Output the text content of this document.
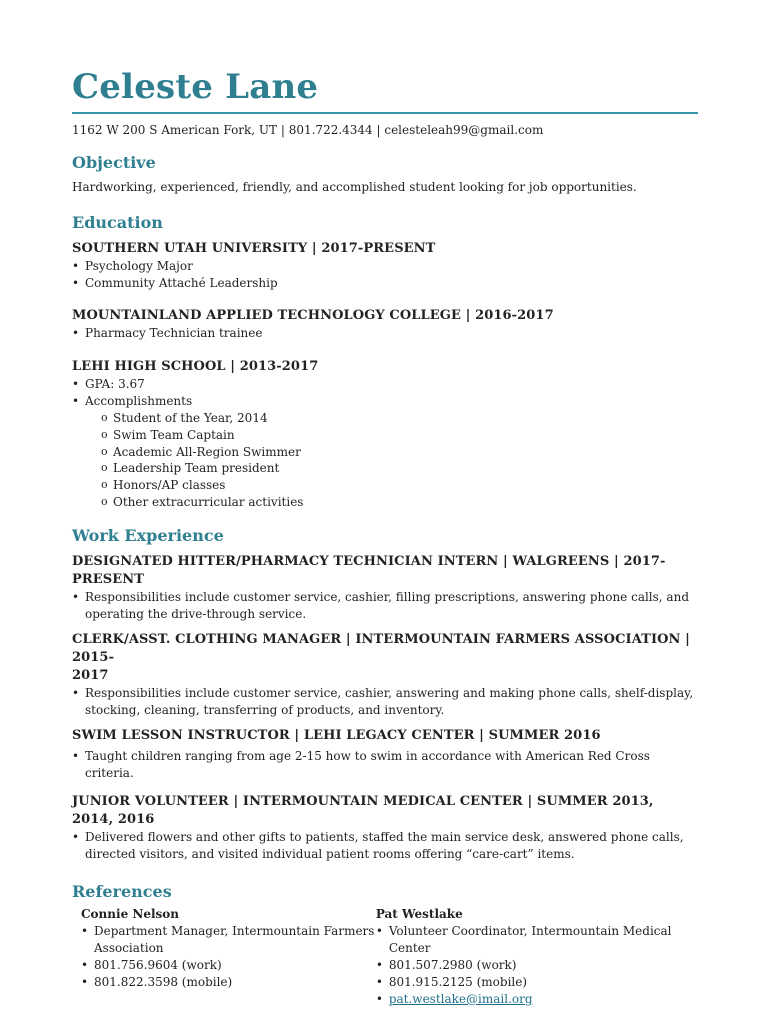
Celeste Lane
1162 W 200 S American Fork, UT | 801.722.4344 | celesteleah99@gmail.com
Objective
Hardworking, experienced, friendly, and accomplished student looking for job opportunities.
Education
SOUTHERN UTAH UNIVERSITY | 2017-PRESENT
• Psychology Major
• Community Attaché Leadership
MOUNTAINLAND APPLIED TECHNOLOGY COLLEGE | 2016-2017
• Pharmacy Technician trainee
LEHI HIGH SCHOOL | 2013-2017
• GPA: 3.67
• Accomplishments
o Student of the Year, 2014
o Swim Team Captain
o Academic All-Region Swimmer
o Leadership Team president
o Honors/AP classes
o Other extracurricular activities
Work Experience
DESIGNATED HITTER/PHARMACY TECHNICIAN INTERN | WALGREENS | 2017-PRESENT
• Responsibilities include customer service, cashier, filling prescriptions, answering phone calls, and
operating the drive-through service.
CLERK/ASST. CLOTHING MANAGER | INTERMOUNTAIN FARMERS ASSOCIATION | 2015-
2017
• Responsibilities include customer service, cashier, answering and making phone calls, shelf-display,
stocking, cleaning, transferring of products, and inventory.
SWIM LESSON INSTRUCTOR | LEHI LEGACY CENTER | SUMMER 2016
• Taught children ranging from age 2-15 how to swim in accordance with American Red Cross criteria.
JUNIOR VOLUNTEER | INTERMOUNTAIN MEDICAL CENTER | SUMMER 2013, 2014, 2016
• Delivered flowers and other gifts to patients, staffed the main service desk, answered phone calls,
directed visitors, and visited individual patient rooms offering “care-cart” items.
References
Connie Nelson
• Department Manager, Intermountain Farmers
Association
• 801.756.9604 (work)
• 801.822.3598 (mobile)
Pat Westlake
• Volunteer Coordinator, Intermountain Medical Center
• 801.507.2980 (work)
• 801.915.2125 (mobile)
• pat.westlake@imail.org
